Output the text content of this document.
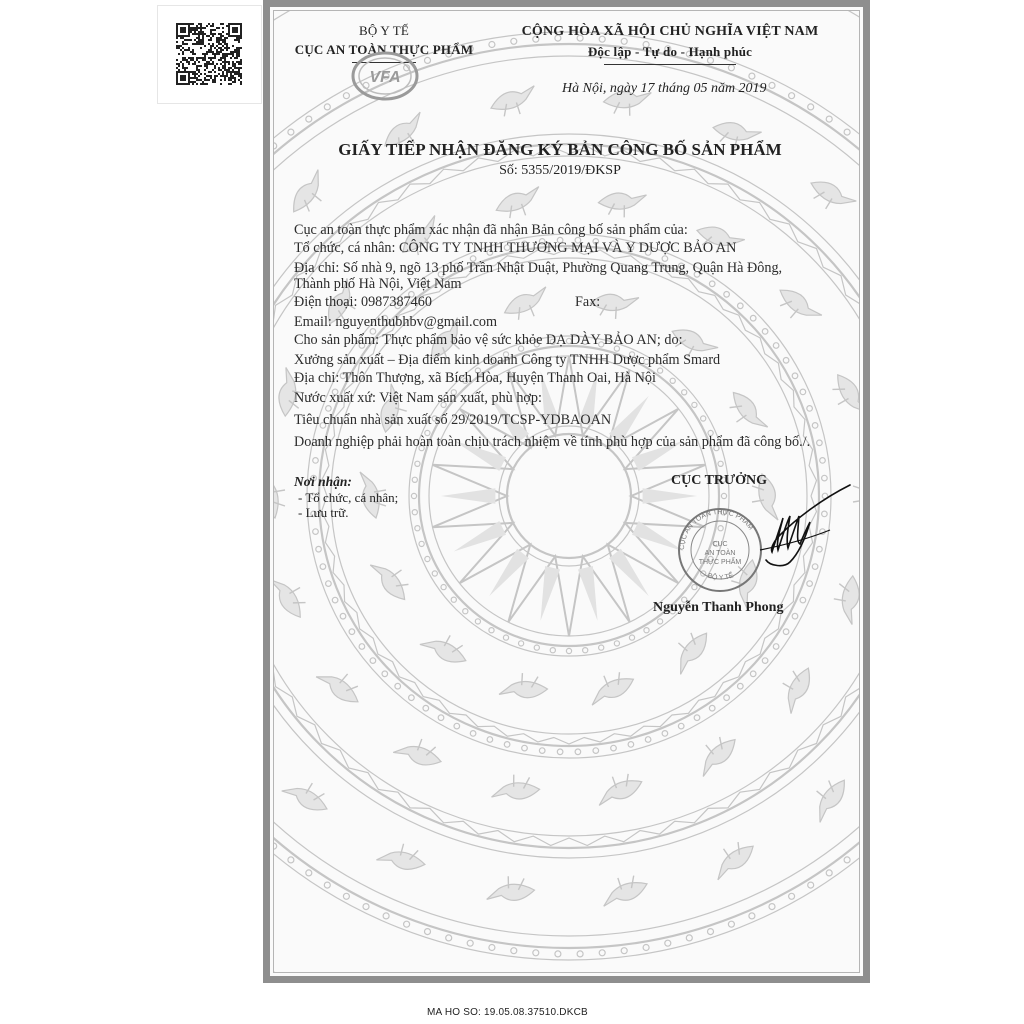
BỘ Y TẾ
CỤC AN TOÀN THỰC PHẨM
VFA
CỘNG HÒA XÃ HỘI CHỦ NGHĨA VIỆT NAM
Độc lập - Tự do - Hạnh phúc
Hà Nội, ngày 17 tháng 05 năm 2019
GIẤY TIẾP NHẬN ĐĂNG KÝ BẢN CÔNG BỐ SẢN PHẨM
Số: 5355/2019/ĐKSP
Cục an toàn thực phẩm xác nhận đã nhận Bản công bố sản phẩm của:
Tổ chức, cá nhân: CÔNG TY TNHH THƯƠNG MẠI VÀ Y DƯỢC BẢO AN
Địa chỉ: Số nhà 9, ngõ 13 phố Trần Nhật Duật, Phường Quang Trung, Quận Hà Đông,
Thành phố Hà Nội, Việt Nam
Điện thoại: 0987387460	Fax:
Email: nguyenthubhbv@gmail.com
Cho sản phẩm: Thực phẩm bảo vệ sức khỏe DẠ DÀY BẢO AN; do:
Xưởng sản xuất – Địa điểm kinh doanh Công ty TNHH Dược phẩm Smard
Địa chỉ: Thôn Thượng, xã Bích Hòa, Huyện Thanh Oai, Hà Nội
Nước xuất xứ: Việt Nam sản xuất, phù hợp:
Tiêu chuẩn nhà sản xuất số 29/2019/TCSP-YDBAOAN
Doanh nghiệp phải hoàn toàn chịu trách nhiệm về tính phù hợp của sản phẩm đã công bố./.
Nơi nhận:
- Tổ chức, cá nhân;
- Lưu trữ.
CỤC TRƯỞNG
CỤC AN TOÀN THỰC PHẨM
BỘ Y TẾ
CỤC
AN TOÀN
THỰC PHẨM
Nguyễn Thanh Phong
MA HO SO: 19.05.08.37510.DKCB
